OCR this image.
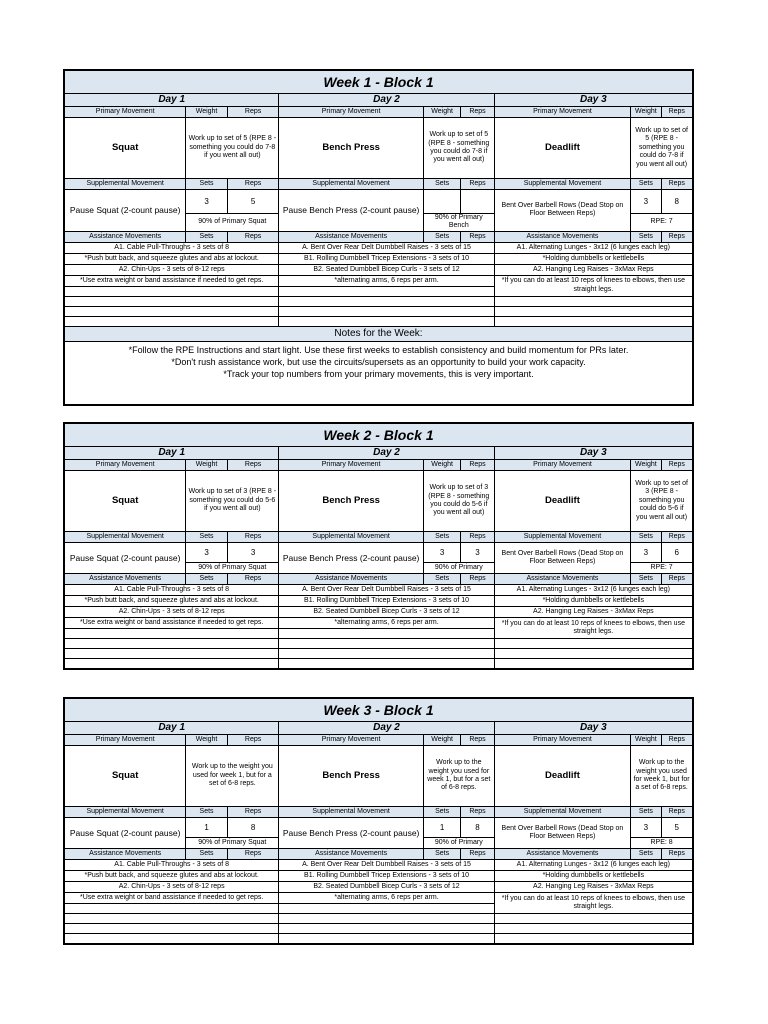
Week 1 - Block 1								
Day 1			Day 2			Day 3		
Primary Movement	Weight	Reps	Primary Movement	Weight	Reps	Primary Movement	Weight	Reps
Squat	Work up to set of 5 (RPE 8 - something you could do 7-8 if you went all out)		Bench Press	Work up to set of 5 (RPE 8 - something you could do 7-8 if you went all out)		Deadlift	Work up to set of 5 (RPE 8 - something you could do 7-8 if you went all out)	
Supplemental Movement	Sets	Reps	Supplemental Movement	Sets	Reps	Supplemental Movement	Sets	Reps
Pause Squat (2-count pause)	3	5	Pause Bench Press (2-count pause)			Bent Over Barbell Rows (Dead Stop on Floor Between Reps)	3	8
	90% of Primary Squat			90% of Primary Bench			RPE: 7	
Assistance Movements	Sets	Reps	Assistance Movements	Sets	Reps	Assistance Movements	Sets	Reps
A1. Cable Pull-Throughs - 3 sets of 8			A. Bent Over Rear Delt Dumbbell Raises - 3 sets of 15			A1. Alternating Lunges - 3x12 (6 lunges each leg)		
*Push butt back, and squeeze glutes and abs at lockout.			B1. Rolling Dumbbell Tricep Extensions - 3 sets of 10			*Holding dumbbells or kettlebells		
A2. Chin-Ups - 3 sets of 8-12 reps			B2. Seated Dumbbell Bicep Curls - 3 sets of 12			A2. Hanging Leg Raises - 3xMax Reps		
*Use extra weight or band assistance if needed to get reps.			*alternating arms, 6 reps per arm.			*If you can do at least 10 reps of knees to elbows, then use straight legs.		

Notes for the Week:								

*Follow the RPE Instructions and start light. Use these first weeks to establish consistency and build momentum for PRs later.
*Don't rush assistance work, but use the circuits/supersets as an opportunity to build your work capacity.
*Track your top numbers from your primary movements, this is very important.								
Week 2 - Block 1								
Day 1			Day 2			Day 3		
Primary Movement	Weight	Reps	Primary Movement	Weight	Reps	Primary Movement	Weight	Reps
Squat	Work up to set of 3 (RPE 8 - something you could do 5-6 if you went all out)		Bench Press	Work up to set of 3 (RPE 8 - something you could do 5-6 if you went all out)		Deadlift	Work up to set of 3 (RPE 8 - something you could do 5-6 if you went all out)	
Supplemental Movement	Sets	Reps	Supplemental Movement	Sets	Reps	Supplemental Movement	Sets	Reps
Pause Squat (2-count pause)	3	3	Pause Bench Press (2-count pause)	3	3	Bent Over Barbell Rows (Dead Stop on Floor Between Reps)	3	6
	90% of Primary Squat			90% of Primary			RPE: 7	
Assistance Movements	Sets	Reps	Assistance Movements	Sets	Reps	Assistance Movements	Sets	Reps
A1. Cable Pull-Throughs - 3 sets of 8			A. Bent Over Rear Delt Dumbbell Raises - 3 sets of 15			A1. Alternating Lunges - 3x12 (6 lunges each leg)		
*Push butt back, and squeeze glutes and abs at lockout.			B1. Rolling Dumbbell Tricep Extensions - 3 sets of 10			*Holding dumbbells or kettlebells		
A2. Chin-Ups - 3 sets of 8-12 reps			B2. Seated Dumbbell Bicep Curls - 3 sets of 12			A2. Hanging Leg Raises - 3xMax Reps		
*Use extra weight or band assistance if needed to get reps.			*alternating arms, 6 reps per arm.			*If you can do at least 10 reps of knees to elbows, then use straight legs.		

Week 3 - Block 1								
Day 1			Day 2			Day 3		
Primary Movement	Weight	Reps	Primary Movement	Weight	Reps	Primary Movement	Weight	Reps
Squat	Work up to the weight you used for week 1, but for a set of 6-8 reps.		Bench Press	Work up to the weight you used for week 1, but for a set of 6-8 reps.		Deadlift	Work up to the weight you used for week 1, but for a set of 6-8 reps.	
Supplemental Movement	Sets	Reps	Supplemental Movement	Sets	Reps	Supplemental Movement	Sets	Reps
Pause Squat (2-count pause)	1	8	Pause Bench Press (2-count pause)	1	8	Bent Over Barbell Rows (Dead Stop on Floor Between Reps)	3	5
	90% of Primary Squat			90% of Primary			RPE: 8	
Assistance Movements	Sets	Reps	Assistance Movements	Sets	Reps	Assistance Movements	Sets	Reps
A1. Cable Pull-Throughs - 3 sets of 8			A. Bent Over Rear Delt Dumbbell Raises - 3 sets of 15			A1. Alternating Lunges - 3x12 (6 lunges each leg)		
*Push butt back, and squeeze glutes and abs at lockout.			B1. Rolling Dumbbell Tricep Extensions - 3 sets of 10			*Holding dumbbells or kettlebells		
A2. Chin-Ups - 3 sets of 8-12 reps			B2. Seated Dumbbell Bicep Curls - 3 sets of 12			A2. Hanging Leg Raises - 3xMax Reps		
*Use extra weight or band assistance if needed to get reps.			*alternating arms, 6 reps per arm.			*If you can do at least 10 reps of knees to elbows, then use straight legs.		
